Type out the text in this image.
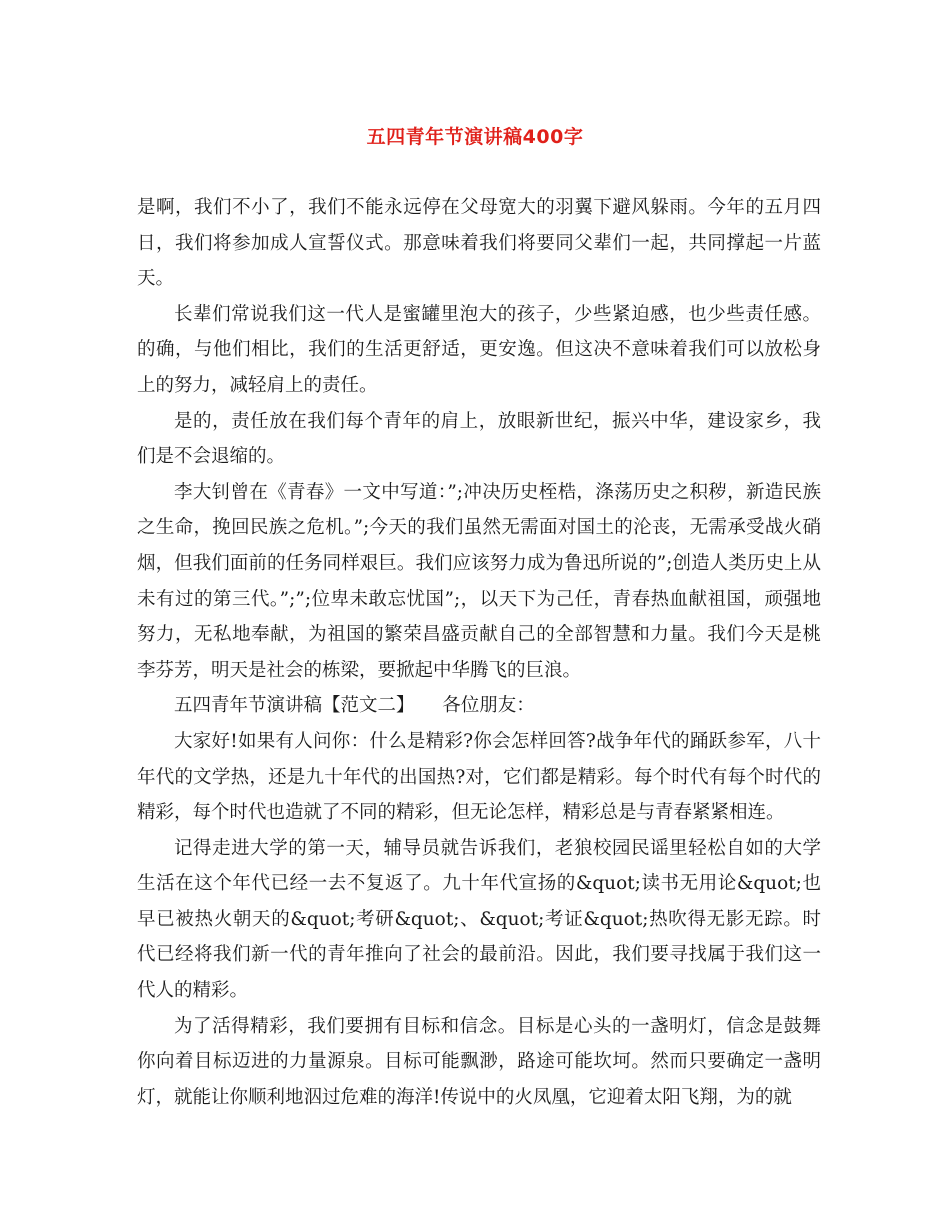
五四青年节演讲稿400字

是啊，我们不小了，我们不能永远停在父母宽大的羽翼下避风躲雨。今年的五月四日，我们将参加成人宣誓仪式。那意味着我们将要同父辈们一起，共同撑起一片蓝天。

长辈们常说我们这一代人是蜜罐里泡大的孩子，少些紧迫感，也少些责任感。的确，与他们相比，我们的生活更舒适，更安逸。但这决不意味着我们可以放松身上的努力，减轻肩上的责任。

是的，责任放在我们每个青年的肩上，放眼新世纪，振兴中华，建设家乡，我们是不会退缩的。

李大钊曾在《青春》一文中写道：”;冲决历史桎梏，涤荡历史之积秽，新造民族之生命，挽回民族之危机。”;今天的我们虽然无需面对国土的沦丧，无需承受战火硝烟，但我们面前的任务同样艰巨。我们应该努力成为鲁迅所说的”;创造人类历史上从未有过的第三代。”;”;位卑未敢忘忧国”;，以天下为己任，青春热血献祖国，顽强地努力，无私地奉献，为祖国的繁荣昌盛贡献自己的全部智慧和力量。我们今天是桃李芬芳，明天是社会的栋梁，要掀起中华腾飞的巨浪。

五四青年节演讲稿【范文二】　　各位朋友：

大家好!如果有人问你：什么是精彩?你会怎样回答?战争年代的踊跃参军，八十年代的文学热，还是九十年代的出国热?对，它们都是精彩。每个时代有每个时代的精彩，每个时代也造就了不同的精彩，但无论怎样，精彩总是与青春紧紧相连。

记得走进大学的第一天，辅导员就告诉我们，老狼校园民谣里轻松自如的大学生活在这个年代已经一去不复返了。九十年代宣扬的&quot;读书无用论&quot;也早已被热火朝天的&quot;考研&quot;、&quot;考证&quot;热吹得无影无踪。时代已经将我们新一代的青年推向了社会的最前沿。因此，我们要寻找属于我们这一代人的精彩。

为了活得精彩，我们要拥有目标和信念。目标是心头的一盏明灯，信念是鼓舞你向着目标迈进的力量源泉。目标可能飘渺，路途可能坎坷。然而只要确定一盏明灯，就能让你顺利地泅过危难的海洋!传说中的火凤凰，它迎着太阳飞翔，为的就
